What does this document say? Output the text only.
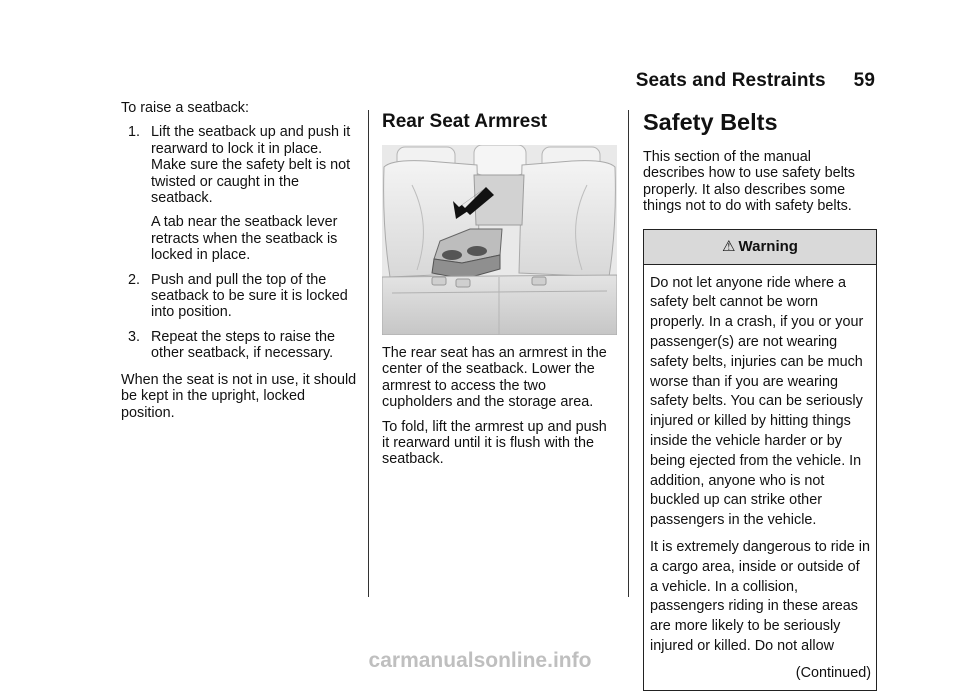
Seats and Restraints 59

To raise a seatback:

1. Lift the seatback up and push it rearward to lock it in place. Make sure the safety belt is not twisted or caught in the seatback.
A tab near the seatback lever retracts when the seatback is locked in place.
2. Push and pull the top of the seatback to be sure it is locked into position.
3. Repeat the steps to raise the other seatback, if necessary.

When the seat is not in use, it should be kept in the upright, locked position.

Rear Seat Armrest

The rear seat has an armrest in the center of the seatback. Lower the armrest to access the two cupholders and the storage area.

To fold, lift the armrest up and push it rearward until it is flush with the seatback.

Safety Belts

This section of the manual describes how to use safety belts properly. It also describes some things not to do with safety belts.

⚠ Warning

Do not let anyone ride where a safety belt cannot be worn properly. In a crash, if you or your passenger(s) are not wearing safety belts, injuries can be much worse than if you are wearing safety belts. You can be seriously injured or killed by hitting things inside the vehicle harder or by being ejected from the vehicle. In addition, anyone who is not buckled up can strike other passengers in the vehicle.

It is extremely dangerous to ride in a cargo area, inside or outside of a vehicle. In a collision, passengers riding in these areas are more likely to be seriously injured or killed. Do not allow

(Continued)
carmanualsonline.info
